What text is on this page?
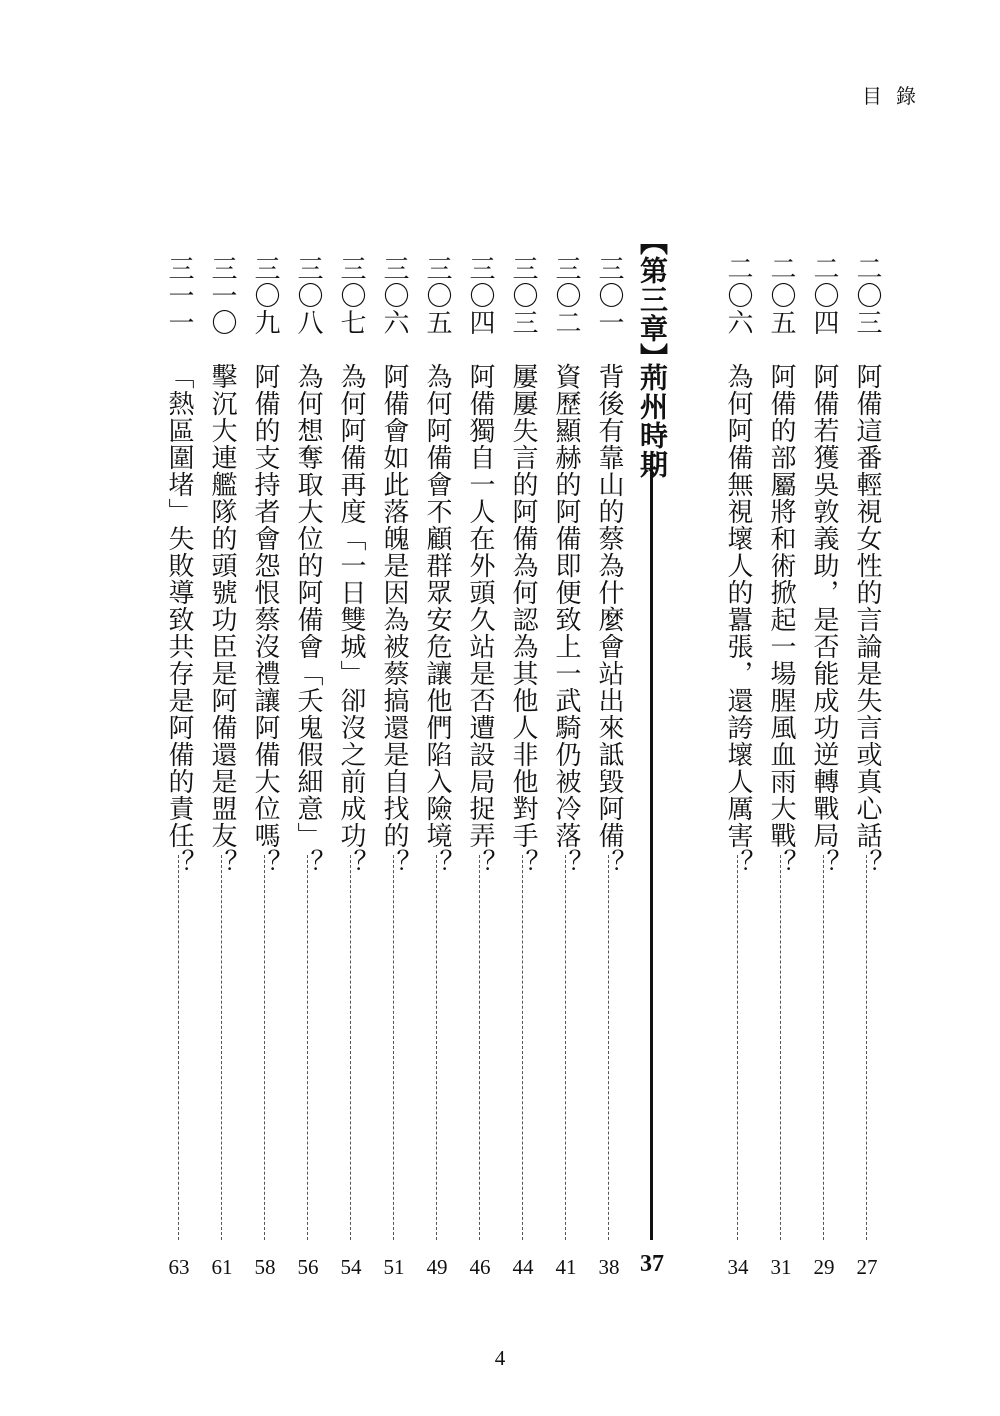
目錄
二〇三
阿備這番輕視女性的言論是失言或真心話？
27
二〇四
阿備若獲吳敦義助，是否能成功逆轉戰局？
29
二〇五
阿備的部屬將和術掀起一場腥風血雨大戰？
31
二〇六
為何阿備無視壞人的囂張，還誇壞人厲害？
34
【第三章】
荊州時期
37
三〇一
背後有靠山的蔡為什麼會站出來詆毀阿備？
38
三〇二
資歷顯赫的阿備即便致上一武騎仍被冷落？
41
三〇三
屢屢失言的阿備為何認為其他人非他對手？
44
三〇四
阿備獨自一人在外頭久站是否遭設局捉弄？
46
三〇五
為何阿備會不顧群眾安危讓他們陷入險境？
49
三〇六
阿備會如此落魄是因為被蔡搞還是自找的？
51
三〇七
為何阿備再度「一日雙城」卻沒之前成功？
54
三〇八
為何想奪取大位的阿備會「夭鬼假細意」？
56
三〇九
阿備的支持者會怨恨蔡沒禮讓阿備大位嗎？
58
三一〇
擊沉大連艦隊的頭號功臣是阿備還是盟友？
61
三一一
「熱區圍堵」失敗導致共存是阿備的責任？
63
4
